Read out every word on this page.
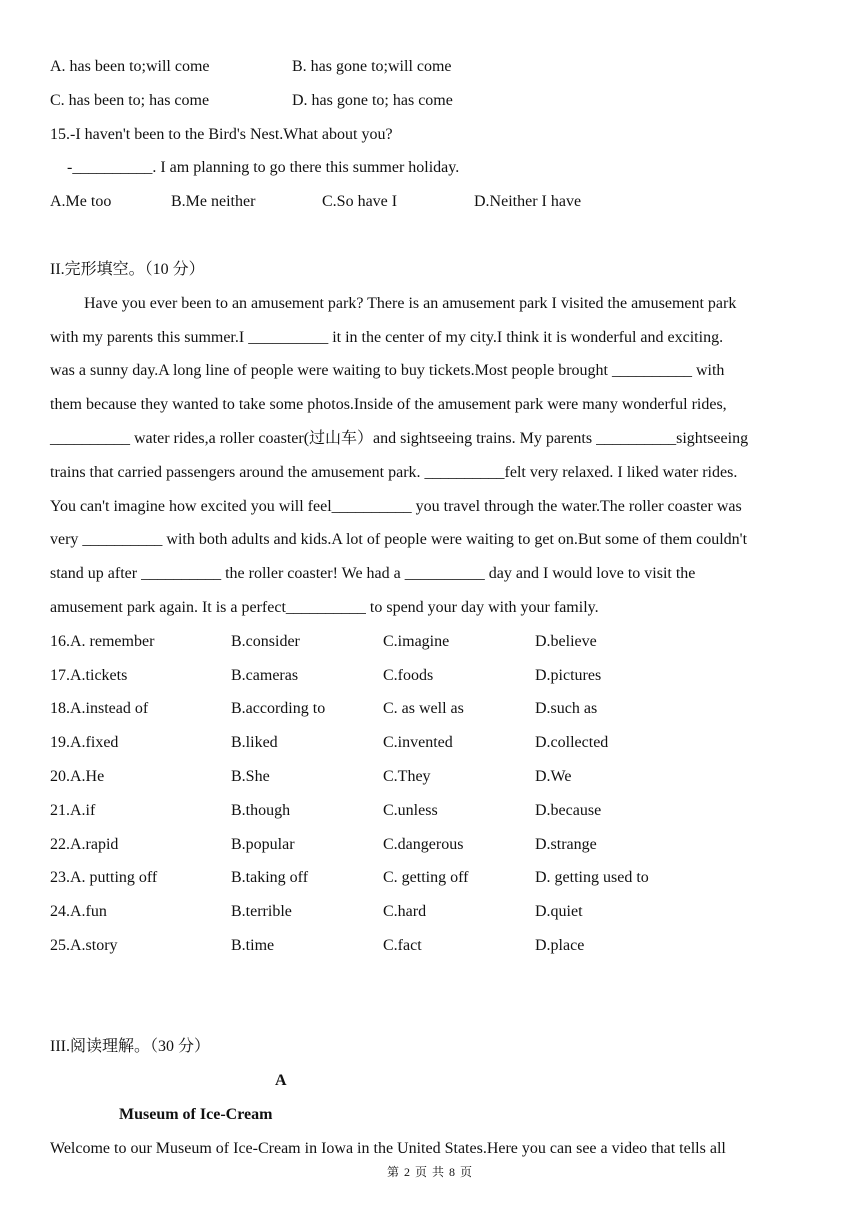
A. has been to;will come	B. has gone to;will come
C. has been to; has come	D. has gone to; has come
15.-I haven't been to the Bird's Nest.What about you?
-__________. I am planning to go there this summer holiday.
A.Me too	B.Me neither	C.So have I	D.Neither I have
II.完形填空。（10 分）
Have you ever been to an amusement park? There is an amusement park I visited the amusement park
with my parents this summer.I __________ it in the center of my city.I think it is wonderful and exciting.
was a sunny day.A long line of people were waiting to buy tickets.Most people brought __________ with
them because they wanted to take some photos.Inside of the amusement park were many wonderful rides,
__________ water rides,a roller coaster(过山车）and sightseeing trains. My parents __________sightseeing
trains that carried passengers around the amusement park. __________felt very relaxed. I liked water rides.
You can't imagine how excited you will feel__________ you travel through the water.The roller coaster was
very __________ with both adults and kids.A lot of people were waiting to get on.But some of them couldn't
stand up after __________ the roller coaster! We had a __________ day and I would love to visit the
amusement park again. It is a perfect__________ to spend your day with your family.
16.A. remember	B.consider	C.imagine	D.believe
17.A.tickets	B.cameras	C.foods	D.pictures
18.A.instead of	B.according to	C. as well as	D.such as
19.A.fixed	B.liked	C.invented	D.collected
20.A.He	B.She	C.They	D.We
21.A.if	B.though	C.unless	D.because
22.A.rapid	B.popular	C.dangerous	D.strange
23.A. putting off	B.taking off	C. getting off	D. getting used to
24.A.fun	B.terrible	C.hard	D.quiet
25.A.story	B.time	C.fact	D.place
III.阅读理解。（30 分）
A
Museum of Ice-Cream
Welcome to our Museum of Ice-Cream in Iowa in the United States.Here you can see a video that tells all
第 2 页 共 8 页
